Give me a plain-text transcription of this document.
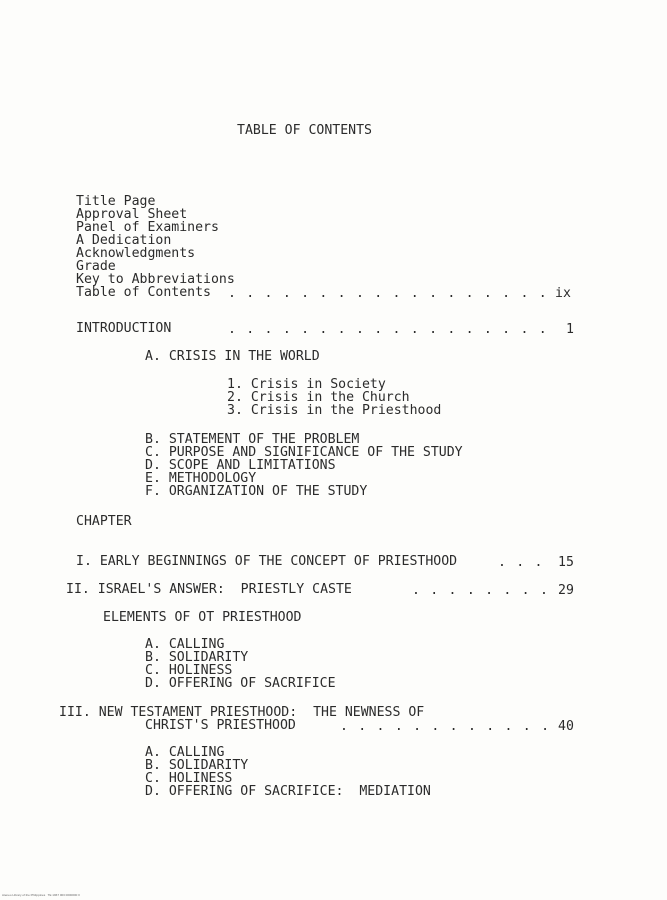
TABLE OF CONTENTS
Title Page
Approval Sheet
Panel of Examiners
A Dedication
Acknowledgments
Grade
Key to Abbreviations
Table of Contents . . . . . . . . . . . . . . . . . . ix
INTRODUCTION	. . . . . . . . . . . . . . . . . . 1
A. CRISIS IN THE WORLD
1. Crisis in Society
2. Crisis in the Church
3. Crisis in the Priesthood
B. STATEMENT OF THE PROBLEM
C. PURPOSE AND SIGNIFICANCE OF THE STUDY
D. SCOPE AND LIMITATIONS
E. METHODOLOGY
F. ORGANIZATION OF THE STUDY
CHAPTER
I. EARLY BEGINNINGS OF THE CONCEPT OF PRIESTHOOD	. . . 15
II. ISRAEL'S ANSWER:  PRIESTLY CASTE	. . . . . . . . 29
ELEMENTS OF OT PRIESTHOOD
A. CALLING
B. SOLIDARITY
C. HOLINESS
D. OFFERING OF SACRIFICE
III. NEW TESTAMENT PRIESTHOOD:  THE NEWNESS OF
CHRIST'S PRIESTHOOD	. . . . . . . . . . . . 40
A. CALLING
B. SOLIDARITY
C. HOLINESS
D. OFFERING OF SACRIFICE:  MEDIATION
Ateneo Library of the Philippines   TE 1967 003 0000000 II
